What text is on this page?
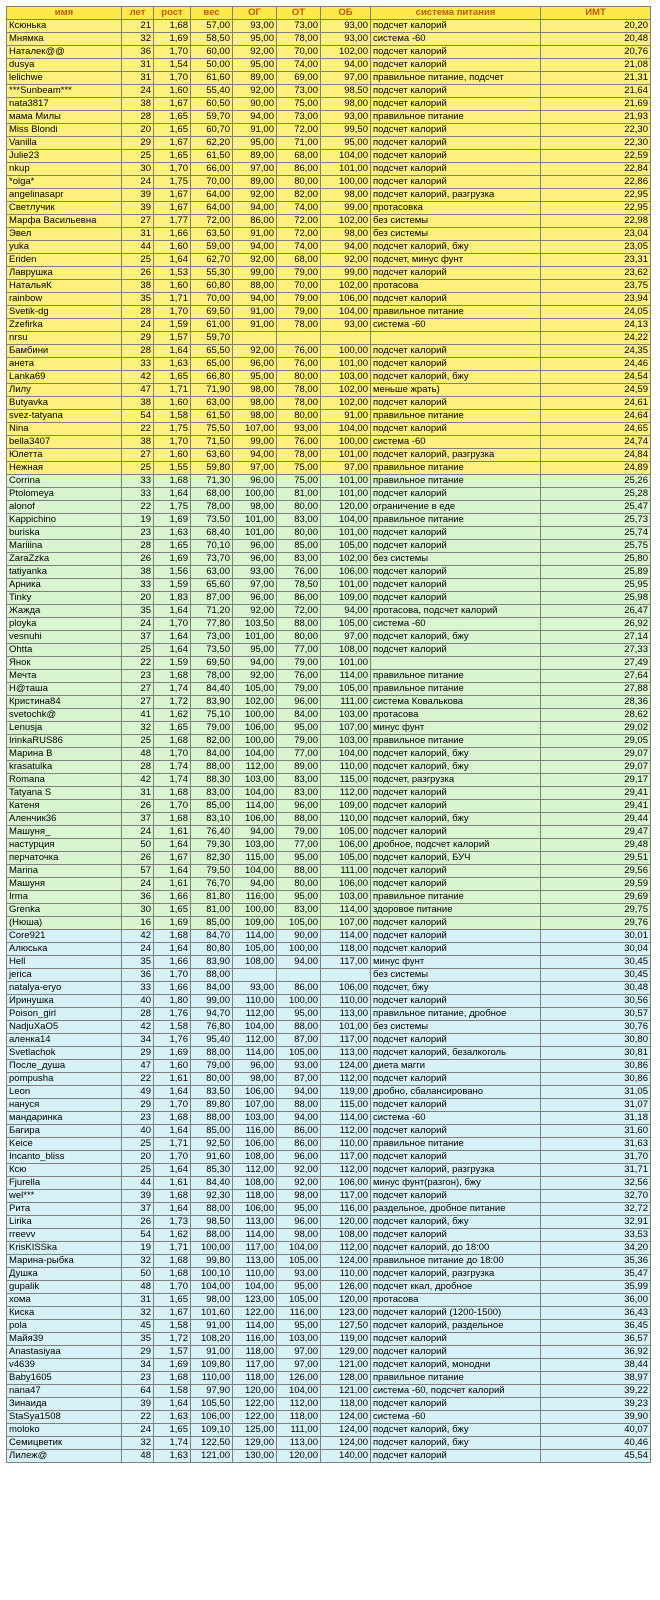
имя	лет	рост	вес	ОГ	ОТ	ОБ	система питания	ИМТ
Ксюнька	21	1,68	57,00	93,00	73,00	93,00	подсчет калорий	20,20
Мнямка	32	1,69	58,50	95,00	78,00	93,00	система -60	20,48
Наталек@@	36	1,70	60,00	92,00	70,00	102,00	подсчет калорий	20,76
dusya	31	1,54	50,00	95,00	74,00	94,00	подсчет калорий	21,08
lelichwe	31	1,70	61,60	89,00	69,00	97,00	правильное питание, подсчет	21,31
***Sunbeam***	24	1,60	55,40	92,00	73,00	98,50	подсчет калорий	21,64
nata3817	38	1,67	60,50	90,00	75,00	98,00	подсчет калорий	21,69
мама Милы	28	1,65	59,70	94,00	73,00	93,00	правильное питание	21,93
Miss Blondi	20	1,65	60,70	91,00	72,00	99,50	подсчет калорий	22,30
Vanilla	29	1,67	62,20	95,00	71,00	95,00	подсчет калорий	22,30
Julie23	25	1,65	61,50	89,00	68,00	104,00	подсчет калорий	22,59
nkup	30	1,70	66,00	97,00	86,00	101,00	подсчет калорий	22,84
*olga*	24	1,75	70,00	89,00	80,00	100,00	подсчет калорий	22,86
angelinasapr	39	1,67	64,00	92,00	82,00	98,00	подсчет калорий, разгрузка	22,95
Светлучик	39	1,67	64,00	94,00	74,00	99,00	протасовка	22,95
Марфа Васильевна	27	1,77	72,00	86,00	72,00	102,00	без системы	22,98
Эвел	31	1,66	63,50	91,00	72,00	98,00	без системы	23,04
yuka	44	1,60	59,00	94,00	74,00	94,00	подсчет калорий, бжу	23,05
Eriden	25	1,64	62,70	92,00	68,00	92,00	подсчет, минус фунт	23,31
Лаврушка	26	1,53	55,30	99,00	79,00	99,00	подсчет калорий	23,62
НатальяК	38	1,60	60,80	88,00	70,00	102,00	протасова	23,75
rainbow	35	1,71	70,00	94,00	79,00	106,00	подсчет калорий	23,94
Svetik-dg	28	1,70	69,50	91,00	79,00	104,00	правильное питание	24,05
Zzefirka	24	1,59	61,00	91,00	78,00	93,00	система -60	24,13
nrsu	29	1,57	59,70					24,22
Бамбини	28	1,64	65,50	92,00	76,00	100,00	подсчет калорий	24,35
анета	33	1,63	65,00	96,00	76,00	101,00	подсчет калорий	24,46
Lanka69	42	1,65	66,80	95,00	80,00	103,00	подсчет калорий, бжу	24,54
Лилу	47	1,71	71,90	98,00	78,00	102,00	меньше жрать)	24,59
Butyavka	38	1,60	63,00	98,00	78,00	102,00	подсчет калорий	24,61
svez-tatyana	54	1,58	61,50	98,00	80,00	91,00	правильное питание	24,64
Nina	22	1,75	75,50	107,00	93,00	104,00	подсчет калорий	24,65
bella3407	38	1,70	71,50	99,00	76,00	100,00	система -60	24,74
Юлетта	27	1,60	63,60	94,00	78,00	101,00	подсчет калорий, разгрузка	24,84
Нежная	25	1,55	59,80	97,00	75,00	97,00	правильное питание	24,89
Corrina	33	1,68	71,30	96,00	75,00	101,00	правильное питание	25,26
Ptolomeya	33	1,64	68,00	100,00	81,00	101,00	подсчет калорий	25,28
alonof	22	1,75	78,00	98,00	80,00	120,00	ограничение в еде	25,47
Kappichino	19	1,69	73,50	101,00	83,00	104,00	правильное питание	25,73
buriska	23	1,63	68,40	101,00	80,00	101,00	подсчет калорий	25,74
Mariiina	28	1,65	70,10	96,00	85,00	105,00	подсчет калорий	25,75
ZaraZzka	26	1,69	73,70	96,00	83,00	102,00	без системы	25,80
tatiyanka	38	1,56	63,00	93,00	76,00	106,00	подсчет калорий	25,89
Арника	33	1,59	65,60	97,00	78,50	101,00	подсчет калорий	25,95
Tinky	20	1,83	87,00	96,00	86,00	109,00	подсчет калорий	25,98
Жажда	35	1,64	71,20	92,00	72,00	94,00	протасова, подсчет калорий	26,47
ployka	24	1,70	77,80	103,50	88,00	105,00	система -60	26,92
vesnuhi	37	1,64	73,00	101,00	80,00	97,00	подсчет калорий, бжу	27,14
Ohtta	25	1,64	73,50	95,00	77,00	108,00	подсчет калорий	27,33
Янок	22	1,59	69,50	94,00	79,00	101,00		27,49
Мечта	23	1,68	78,00	92,00	76,00	114,00	правильное питание	27,64
Н@таша	27	1,74	84,40	105,00	79,00	105,00	правильное питание	27,88
Кристина84	27	1,72	83,90	102,00	96,00	111,00	система Ковалькова	28,36
svetochk@	41	1,62	75,10	100,00	84,00	103,00	протасова	28,62
Lenusja	32	1,65	79,00	106,00	95,00	107,00	минус фунт	29,02
IrinkaRUS86	25	1,68	82,00	100,00	79,00	103,00	правильное питание	29,05
Марина В	48	1,70	84,00	104,00	77,00	104,00	подсчет калорий, бжу	29,07
krasatulka	28	1,74	88,00	112,00	89,00	110,00	подсчет калорий, бжу	29,07
Romana	42	1,74	88,30	103,00	83,00	115,00	подсчет, разгрузка	29,17
Tatyana S	31	1,68	83,00	104,00	83,00	112,00	подсчет калорий	29,41
Катеня	26	1,70	85,00	114,00	96,00	109,00	подсчет калорий	29,41
Аленчик36	37	1,68	83,10	106,00	88,00	110,00	подсчет калорий, бжу	29,44
Машуня_	24	1,61	76,40	94,00	79,00	105,00	подсчет калорий	29,47
настурция	50	1,64	79,30	103,00	77,00	106,00	дробное, подсчет калорий	29,48
перчаточка	26	1,67	82,30	115,00	95,00	105,00	подсчет калорий, БУЧ	29,51
Marina	57	1,64	79,50	104,00	88,00	111,00	подсчет калорий	29,56
Машуня	24	1,61	76,70	94,00	80,00	106,00	подсчет калорий	29,59
Irma	36	1,66	81,80	116,00	95,00	103,00	правильное питание	29,69
Grenka	30	1,65	81,00	100,00	83,00	114,00	здоровое питание	29,75
(Нюша)	16	1,69	85,00	109,00	105,00	107,00	подсчет калорий	29,76
Core921	42	1,68	84,70	114,00	90,00	114,00	подсчет калорий	30,01
Алюська	24	1,64	80,80	105,00	100,00	118,00	подсчет калорий	30,04
Hell	35	1,66	83,90	108,00	94,00	117,00	минус фунт	30,45
jerica	36	1,70	88,00				без системы	30,45
natalya-eryo	33	1,66	84,00	93,00	86,00	106,00	подсчет, бжу	30,48
Иринушка	40	1,80	99,00	110,00	100,00	110,00	подсчет калорий	30,56
Poison_girl	28	1,76	94,70	112,00	95,00	113,00	правильное питание, дробное	30,57
NadjuXaO5	42	1,58	76,80	104,00	88,00	101,00	без системы	30,76
аленка14	34	1,76	95,40	112,00	87,00	117,00	подсчет калорий	30,80
Svetlachok	29	1,69	88,00	114,00	105,00	113,00	подсчет калорий, безалкоголь	30,81
После_душа	47	1,60	79,00	96,00	93,00	124,00	диета магги	30,86
pompusha	22	1,61	80,00	98,00	87,00	112,00	подсчет калорий	30,86
Leon	49	1,64	83,50	106,00	94,00	119,00	дробно, сбалансировано	31,05
нануся	29	1,70	89,80	107,00	88,00	115,00	подсчет калорий	31,07
мандаринка	23	1,68	88,00	103,00	94,00	114,00	система -60	31,18
Багира	40	1,64	85,00	116,00	86,00	112,00	подсчет калорий	31,60
Keice	25	1,71	92,50	106,00	86,00	110,00	правильное питание	31,63
Incanto_bliss	20	1,70	91,60	108,00	96,00	117,00	подсчет калорий	31,70
Ксю	25	1,64	85,30	112,00	92,00	112,00	подсчет калорий, разгрузка	31,71
Fjurella	44	1,61	84,40	108,00	92,00	106,00	минус фунт(разгон), бжу	32,56
wel***	39	1,68	92,30	118,00	98,00	117,00	подсчет калорий	32,70
Рита	37	1,64	88,00	106,00	95,00	116,00	раздельное, дробное питание	32,72
Lirika	26	1,73	98,50	113,00	96,00	120,00	подсчет калорий, бжу	32,91
rreevv	54	1,62	88,00	114,00	98,00	108,00	подсчет калорий	33,53
KrisKISSka	19	1,71	100,00	117,00	104,00	112,00	подсчет калорий, до 18:00	34,20
Марина-рыбка	32	1,68	99,80	113,00	105,00	124,00	правильное питание до 18:00	35,36
Душка	50	1,68	100,10	110,00	93,00	110,00	подсчет калорий, разгрузка	35,47
gupalik	48	1,70	104,00	104,00	95,00	126,00	подсчет ккал, дробное	35,99
хома	31	1,65	98,00	123,00	105,00	120,00	протасова	36,00
Киска	32	1,67	101,60	122,00	116,00	123,00	подсчет калорий (1200-1500)	36,43
pola	45	1,58	91,00	114,00	95,00	127,50	подсчет калорий, раздельное	36,45
Майя39	35	1,72	108,20	116,00	103,00	119,00	подсчет калорий	36,57
Anastasiyaa	29	1,57	91,00	118,00	97,00	129,00	подсчет калорий	36,92
v4639	34	1,69	109,80	117,00	97,00	121,00	подсчет калорий, монодни	38,44
Baby1605	23	1,68	110,00	118,00	126,00	128,00	правильное питание	38,97
nana47	64	1,58	97,90	120,00	104,00	121,00	система -60, подсчет калорий	39,22
Зинаида	39	1,64	105,50	122,00	112,00	118,00	подсчет калорий	39,23
StaSya1508	22	1,63	106,00	122,00	118,00	124,00	система -60	39,90
moloko	24	1,65	109,10	125,00	111,00	124,00	подсчет калорий, бжу	40,07
Семицветик	32	1,74	122,50	129,00	113,00	124,00	подсчет калорий, бжу	40,46
Лилеж@	48	1,63	121,00	130,00	120,00	140,00	подсчет калорий	45,54
